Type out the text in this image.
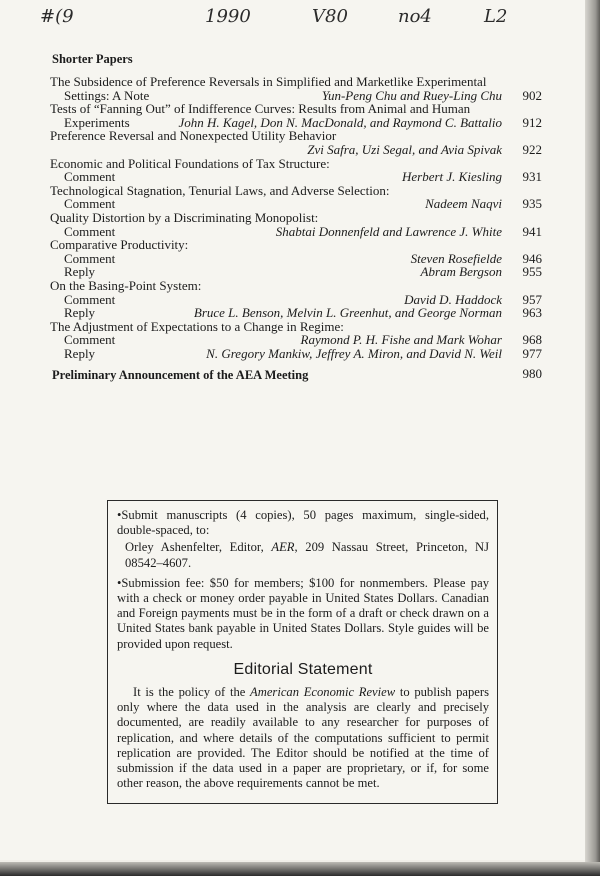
#(9	1990	V80	no4	L2
Shorter Papers
The Subsidence of Preference Reversals in Simplified and Marketlike Experimental
Settings: A Note	Yun-Peng Chu and Ruey-Ling Chu	902
Tests of “Fanning Out” of Indifference Curves: Results from Animal and Human
Experiments	John H. Kagel, Don N. MacDonald, and Raymond C. Battalio	912
Preference Reversal and Nonexpected Utility Behavior
Zvi Safra, Uzi Segal, and Avia Spivak	922
Economic and Political Foundations of Tax Structure:
Comment	Herbert J. Kiesling	931
Technological Stagnation, Tenurial Laws, and Adverse Selection:
Comment	Nadeem Naqvi	935
Quality Distortion by a Discriminating Monopolist:
Comment	Shabtai Donnenfeld and Lawrence J. White	941
Comparative Productivity:
Comment	Steven Rosefielde	946
Reply	Abram Bergson	955
On the Basing-Point System:
Comment	David D. Haddock	957
Reply	Bruce L. Benson, Melvin L. Greenhut, and George Norman	963
The Adjustment of Expectations to a Change in Regime:
Comment	Raymond P. H. Fishe and Mark Wohar	968
Reply	N. Gregory Mankiw, Jeffrey A. Miron, and David N. Weil	977
Preliminary Announcement of the AEA Meeting	980

•Submit manuscripts (4 copies), 50 pages maximum, single-sided, double-spaced, to:

Orley Ashenfelter, Editor, AER, 209 Nassau Street, Princeton, NJ 08542–4607.

•Submission fee: $50 for members; $100 for nonmembers. Please pay with a check or money order payable in United States Dollars. Canadian and Foreign payments must be in the form of a draft or check drawn on a United States bank payable in United States Dollars. Style guides will be provided upon request.

Editorial Statement

It is the policy of the American Economic Review to publish papers only where the data used in the analysis are clearly and precisely documented, are readily available to any researcher for purposes of replication, and where details of the computations sufficient to permit replication are provided. The Editor should be notified at the time of submission if the data used in a paper are proprietary, or if, for some other reason, the above requirements cannot be met.
